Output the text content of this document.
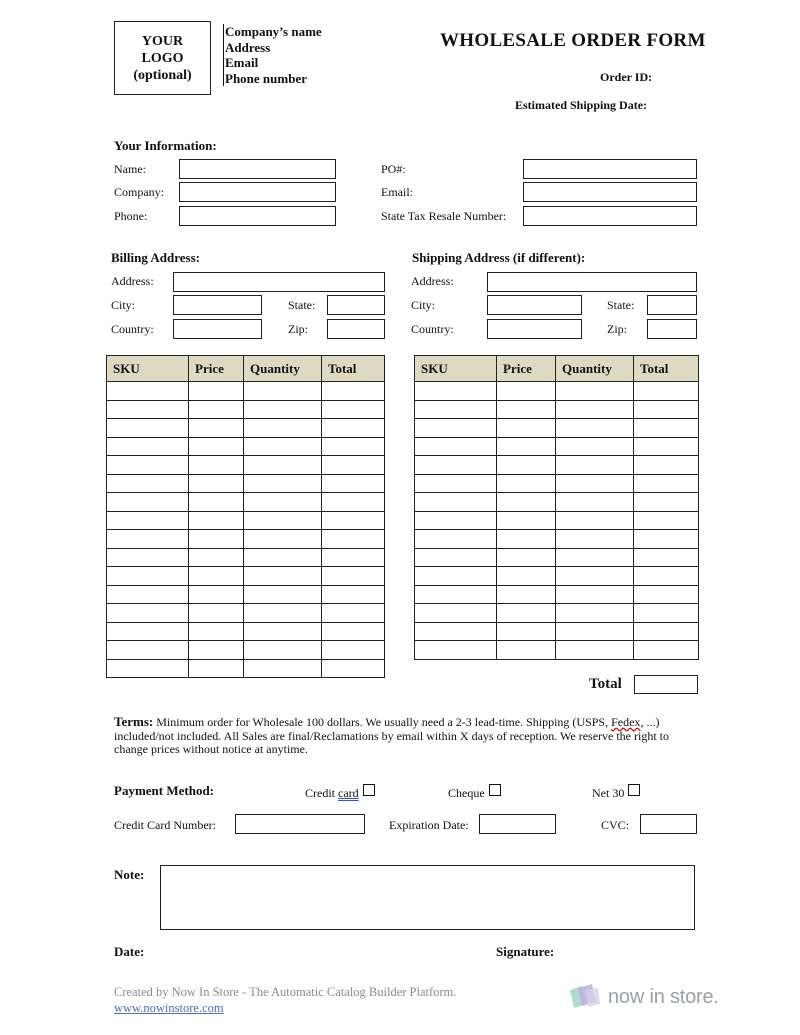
YOUR
LOGO
(optional)
Company’s name
Address
Email
Phone number
WHOLESALE ORDER FORM
Order ID:
Estimated Shipping Date:
Your Information:
Name:
Company:
Phone:
PO#:
Email:
State Tax Resale Number:
Billing Address:
Address:
City:	State:
Country:	Zip:
Shipping Address (if different):
Address:
City:	State:
Country:	Zip:
SKU	Price	Quantity	Total

				SKU	Price	Quantity	Total

Total
Terms: Minimum order for Wholesale 100 dollars. We usually need a 2-3 lead-time. Shipping (USPS, Fedex, ...) included/not included. All Sales are final/Reclamations by email within X days of reception. We reserve the right to change prices without notice at anytime.
Payment Method:	Credit card	Cheque	Net 30
Credit Card Number:	Expiration Date:	CVC:
Note:
Date:	Signature:
Created by Now In Store - The Automatic Catalog Builder Platform.
www.nowinstore.com
now in store.
